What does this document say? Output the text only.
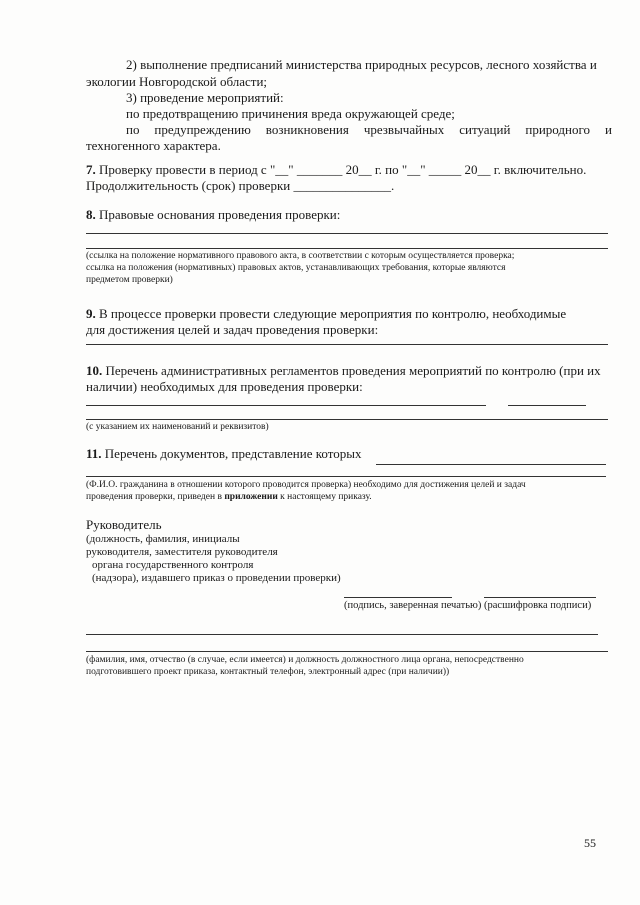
2) выполнение предписаний министерства природных ресурсов, лесного хозяйства и
экологии Новгородской области;
3) проведение мероприятий:
по предотвращению причинения вреда окружающей среде;
по предупреждению возникновения чрезвычайных ситуаций природного и
техногенного характера.
7. Проверку провести в период с "__" _______ 20__ г. по "__" _____ 20__ г. включительно.
Продолжительность (срок) проверки _______________.
8. Правовые основания проведения проверки:
(ссылка на положение нормативного правового акта, в соответствии с которым осуществляется проверка;
ссылка на положения (нормативных) правовых актов, устанавливающих требования, которые являются
предметом проверки)
9. В процессе проверки провести следующие мероприятия по контролю, необходимые
для достижения целей и задач проведения проверки:
10. Перечень административных регламентов проведения мероприятий по контролю (при их
наличии) необходимых для проведения проверки:
(с указанием их наименований и реквизитов)
11. Перечень документов, представление которых
(Ф.И.О. гражданина в отношении которого проводится проверка) необходимо для достижения целей и задач
проведения проверки, приведен в приложении к настоящему приказу.
Руководитель
(должность, фамилия, инициалы
руководителя, заместителя руководителя
органа государственного контроля
(надзора), издавшего приказ о проведении проверки)
(подпись, заверенная печатью) (расшифровка подписи)
(фамилия, имя, отчество (в случае, если имеется) и должность должностного лица органа, непосредственно
подготовившего проект приказа, контактный телефон, электронный адрес (при наличии))
55
